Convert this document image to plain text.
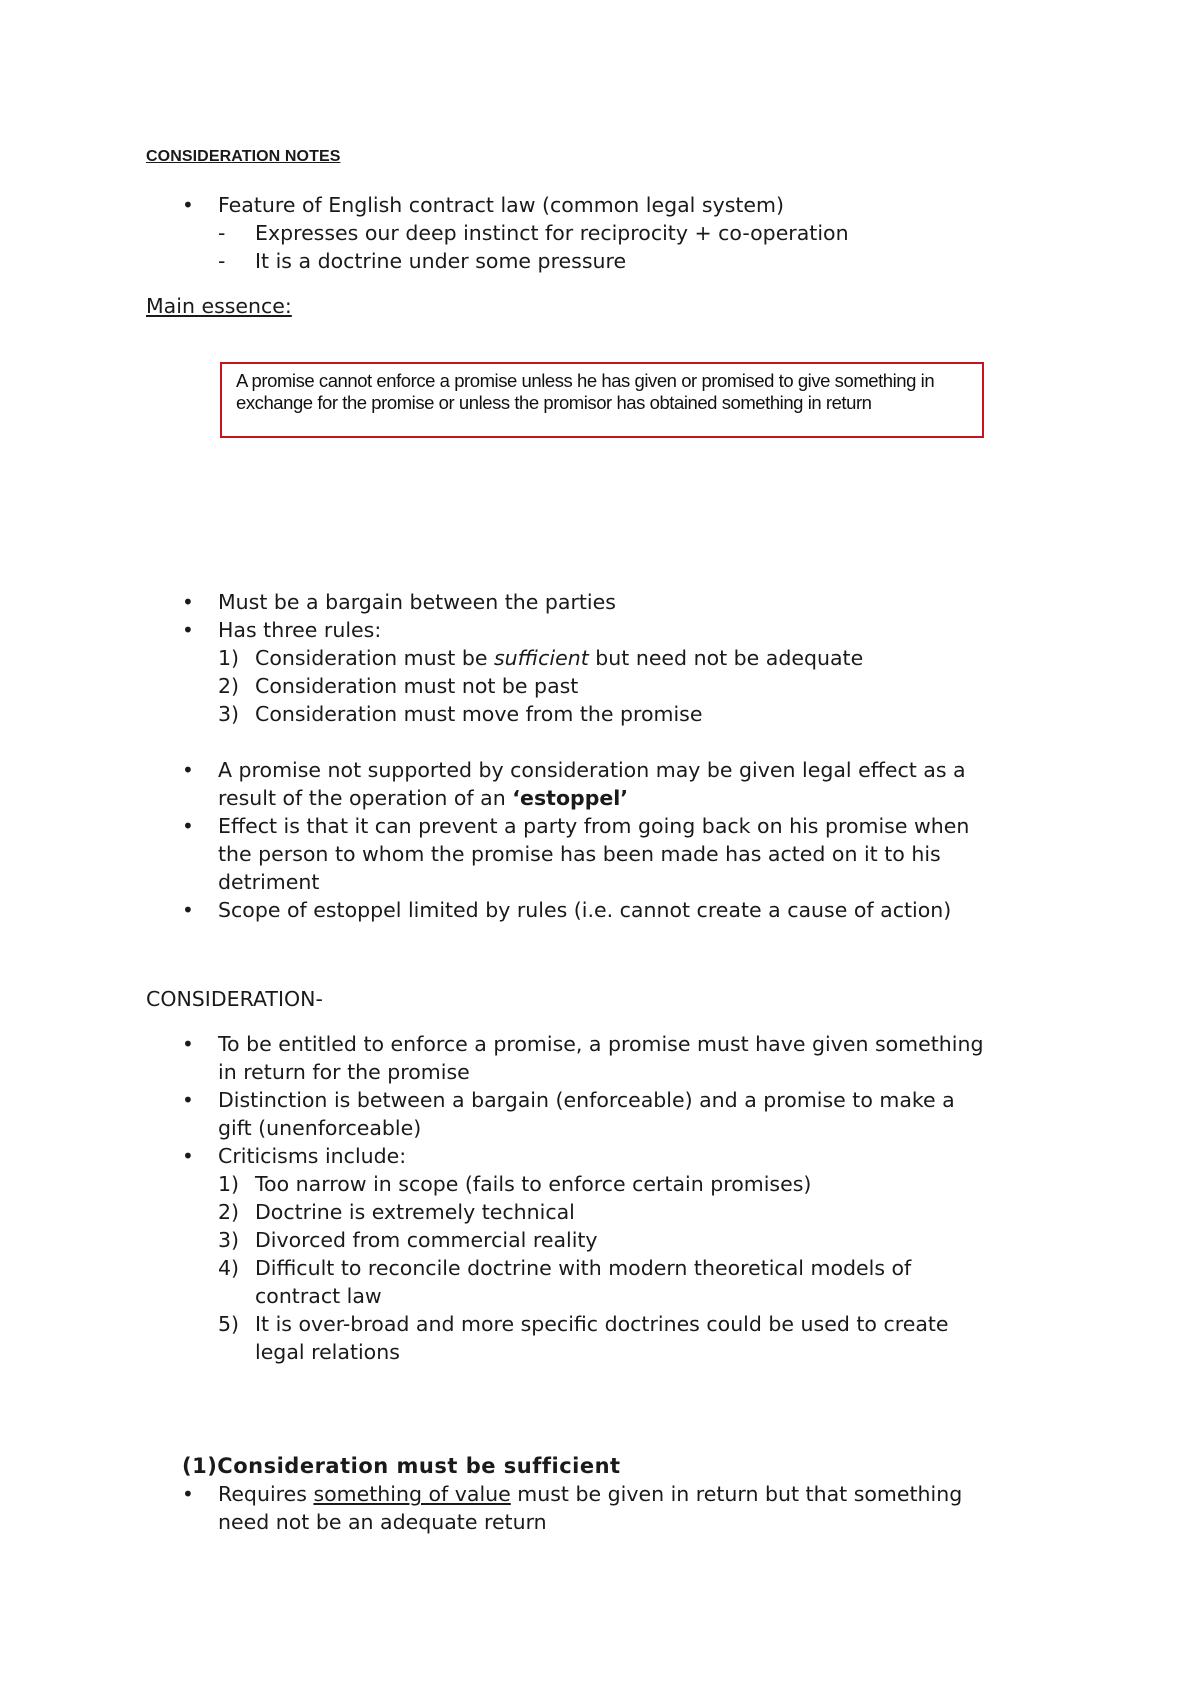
CONSIDERATION NOTES
• Feature of English contract law (common legal system)
- Expresses our deep instinct for reciprocity + co-operation
- It is a doctrine under some pressure
Main essence:
A promise cannot enforce a promise unless he has given or promised to give something in
exchange for the promise or unless the promisor has obtained something in return
• Must be a bargain between the parties
• Has three rules:
1) Consideration must be sufficient but need not be adequate
2) Consideration must not be past
3) Consideration must move from the promise
• A promise not supported by consideration may be given legal effect as a
result of the operation of an ‘estoppel’
• Effect is that it can prevent a party from going back on his promise when
the person to whom the promise has been made has acted on it to his
detriment
• Scope of estoppel limited by rules (i.e. cannot create a cause of action)
CONSIDERATION-
• To be entitled to enforce a promise, a promise must have given something
in return for the promise
• Distinction is between a bargain (enforceable) and a promise to make a
gift (unenforceable)
• Criticisms include:
1) Too narrow in scope (fails to enforce certain promises)
2) Doctrine is extremely technical
3) Divorced from commercial reality
4) Difficult to reconcile doctrine with modern theoretical models of
contract law
5) It is over-broad and more specific doctrines could be used to create
legal relations
(1)Consideration must be sufficient
• Requires something of value must be given in return but that something
need not be an adequate return
